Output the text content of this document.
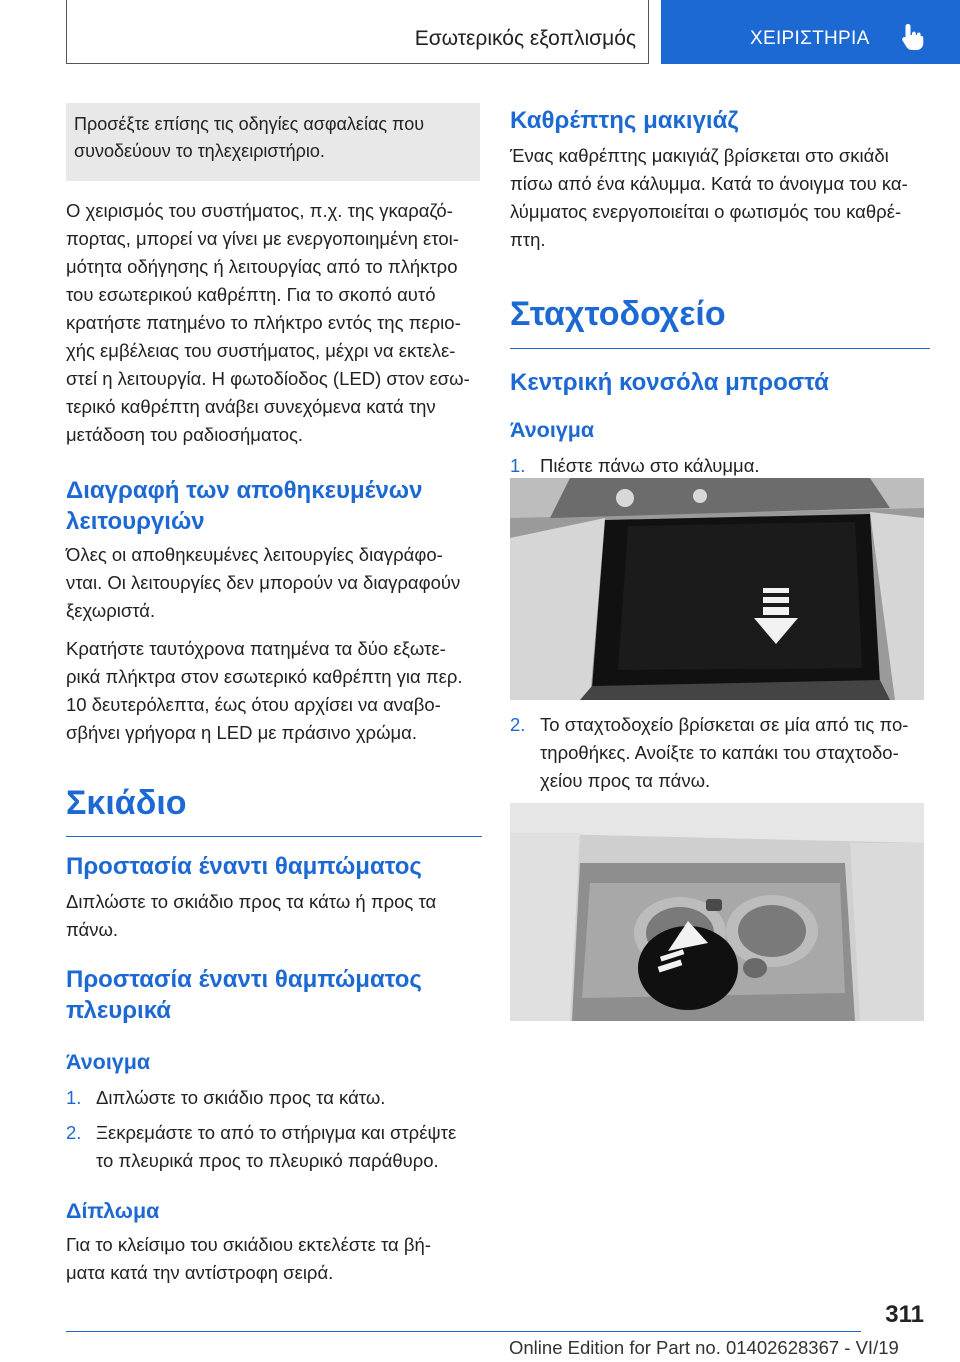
Εσωτερικός εξοπλισμός	ΧΕΙΡΙΣΤΗΡΙΑ
Προσέξτε επίσης τις οδηγίες ασφαλείας που συνοδεύουν το τηλεχειριστήριο.

Ο χειρισμός του συστήματος, π.χ. της γκαραζό-
πορτας, μπορεί να γίνει με ενεργοποιημένη ετοι-
μότητα οδήγησης ή λειτουργίας από το πλήκτρο
του εσωτερικού καθρέπτη. Για το σκοπό αυτό
κρατήστε πατημένο το πλήκτρο εντός της περιο-
χής εμβέλειας του συστήματος, μέχρι να εκτελε-
στεί η λειτουργία. Η φωτοδίοδος (LED) στον εσω-
τερικό καθρέπτη ανάβει συνεχόμενα κατά την
μετάδοση του ραδιοσήματος.

Διαγραφή των αποθηκευμένων
λειτουργιών

Όλες οι αποθηκευμένες λειτουργίες διαγράφο-
νται. Οι λειτουργίες δεν μπορούν να διαγραφούν
ξεχωριστά.

Κρατήστε ταυτόχρονα πατημένα τα δύο εξωτε-
ρικά πλήκτρα στον εσωτερικό καθρέπτη για περ.
10 δευτερόλεπτα, έως ότου αρχίσει να αναβο-
σβήνει γρήγορα η LED με πράσινο χρώμα.

Σκιάδιο
Προστασία έναντι θαμπώματος

Διπλώστε το σκιάδιο προς τα κάτω ή προς τα
πάνω.

Προστασία έναντι θαμπώματος
πλευρικά
Άνοιγμα
1. Διπλώστε το σκιάδιο προς τα κάτω.
2. Ξεκρεμάστε το από το στήριγμα και στρέψτε
το πλευρικά προς το πλευρικό παράθυρο.
Δίπλωμα

Για το κλείσιμο του σκιάδιου εκτελέστε τα βή-
ματα κατά την αντίστροφη σειρά.

Καθρέπτης μακιγιάζ

Ένας καθρέπτης μακιγιάζ βρίσκεται στο σκιάδι
πίσω από ένα κάλυμμα. Κατά το άνοιγμα του κα-
λύμματος ενεργοποιείται ο φωτισμός του καθρέ-
πτη.

Σταχτοδοχείο
Κεντρική κονσόλα μπροστά
Άνοιγμα
1. Πιέστε πάνω στο κάλυμμα.
2. Το σταχτοδοχείο βρίσκεται σε μία από τις πο-
τηροθήκες. Ανοίξτε το καπάκι του σταχτοδο-
χείου προς τα πάνω.
311
Online Edition for Part no. 01402628367 - VI/19
